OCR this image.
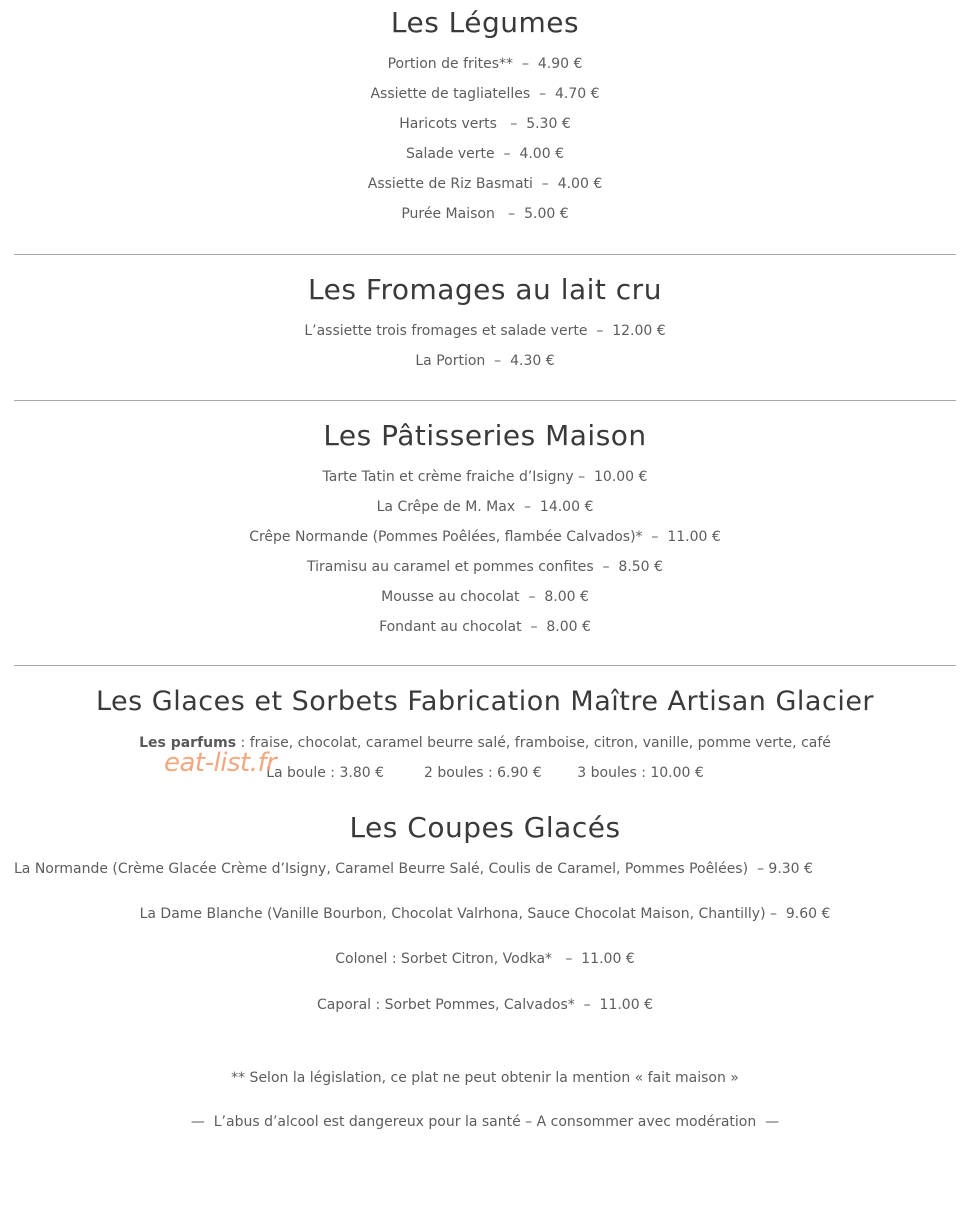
Les Légumes
Portion de frites**  –  4.90 €
Assiette de tagliatelles  –  4.70 €
Haricots verts   –  5.30 €
Salade verte  –  4.00 €
Assiette de Riz Basmati  –  4.00 €
Purée Maison   –  5.00 €
Les Fromages au lait cru
L’assiette trois fromages et salade verte  –  12.00 €
La Portion  –  4.30 €
Les Pâtisseries Maison
Tarte Tatin et crème fraiche d’Isigny –  10.00 €
La Crêpe de M. Max  –  14.00 €
Crêpe Normande (Pommes Poêlées, flambée Calvados)*  –  11.00 €
Tiramisu au caramel et pommes confites  –  8.50 €
Mousse au chocolat  –  8.00 €
Fondant au chocolat  –  8.00 €
Les Glaces et Sorbets Fabrication Maître Artisan Glacier
Les parfums : fraise, chocolat, caramel beurre salé, framboise, citron, vanille, pomme verte, café
La boule : 3.80 €         2 boules : 6.90 €        3 boules : 10.00 €
eat-list.fr
Les Coupes Glacés
La Normande (Crème Glacée Crème d’Isigny, Caramel Beurre Salé, Coulis de Caramel, Pommes Poêlées)  – 9.30 €
La Dame Blanche (Vanille Bourbon, Chocolat Valrhona, Sauce Chocolat Maison, Chantilly) –  9.60 €
Colonel : Sorbet Citron, Vodka*   –  11.00 €
Caporal : Sorbet Pommes, Calvados*  –  11.00 €
** Selon la législation, ce plat ne peut obtenir la mention « fait maison »
—  L’abus d’alcool est dangereux pour la santé – A consommer avec modération  —
